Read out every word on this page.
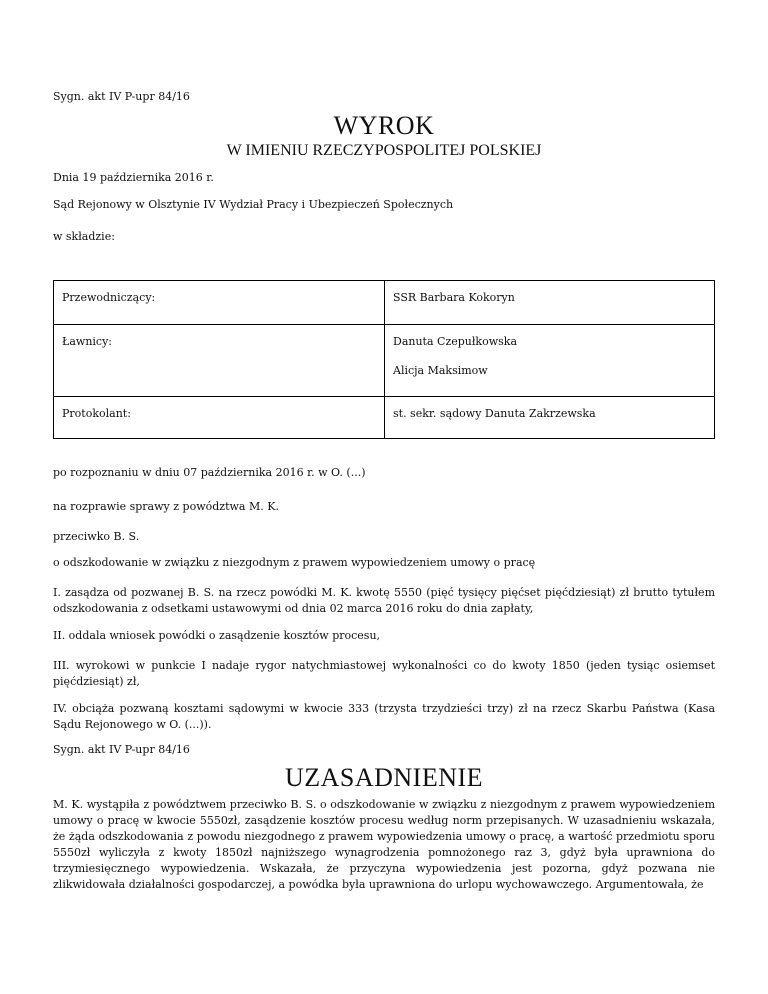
Sygn. akt IV P-upr 84/16
WYROK
W IMIENIU RZECZYPOSPOLITEJ POLSKIEJ
Dnia 19 października 2016 r.
Sąd Rejonowy w Olsztynie IV Wydział Pracy i Ubezpieczeń Społecznych
w składzie:
Przewodniczący:	SSR Barbara Kokoryn

Ławnicy:	Danuta Czepułkowska
Alicja Maksimow

Protokolant:	st. sekr. sądowy Danuta Zakrzewska
po rozpoznaniu w dniu 07 października 2016 r. w O. (...)
na rozprawie sprawy z powództwa M. K.
przeciwko B. S.
o odszkodowanie w związku z niezgodnym z prawem wypowiedzeniem umowy o pracę
I. zasądza od pozwanej B. S. na rzecz powódki M. K. kwotę 5550 (pięć tysięcy pięćset pięćdziesiąt) zł brutto tytułem odszkodowania z odsetkami ustawowymi od dnia 02 marca 2016 roku do dnia zapłaty,
II. oddala wniosek powódki o zasądzenie kosztów procesu,
III. wyrokowi w punkcie I nadaje rygor natychmiastowej wykonalności co do kwoty 1850 (jeden tysiąc osiemset pięćdziesiąt) zł,
IV. obciąża pozwaną kosztami sądowymi w kwocie 333 (trzysta trzydzieści trzy) zł na rzecz Skarbu Państwa (Kasa Sądu Rejonowego w O. (...)).
Sygn. akt IV P-upr 84/16
UZASADNIENIE
M. K. wystąpiła z powództwem przeciwko B. S. o odszkodowanie w związku z niezgodnym z prawem wypowiedzeniem umowy o pracę w kwocie 5550zł, zasądzenie kosztów procesu według norm przepisanych. W uzasadnieniu wskazała, że żąda odszkodowania z powodu niezgodnego z prawem wypowiedzenia umowy o pracę, a wartość przedmiotu sporu 5550zł wyliczyła z kwoty 1850zł najniższego wynagrodzenia pomnożonego raz 3, gdyż była uprawniona do trzymiesięcznego wypowiedzenia. Wskazała, że przyczyna wypowiedzenia jest pozorna, gdyż pozwana nie zlikwidowała działalności gospodarczej, a powódka była uprawniona do urlopu wychowawczego. Argumentowała, że
